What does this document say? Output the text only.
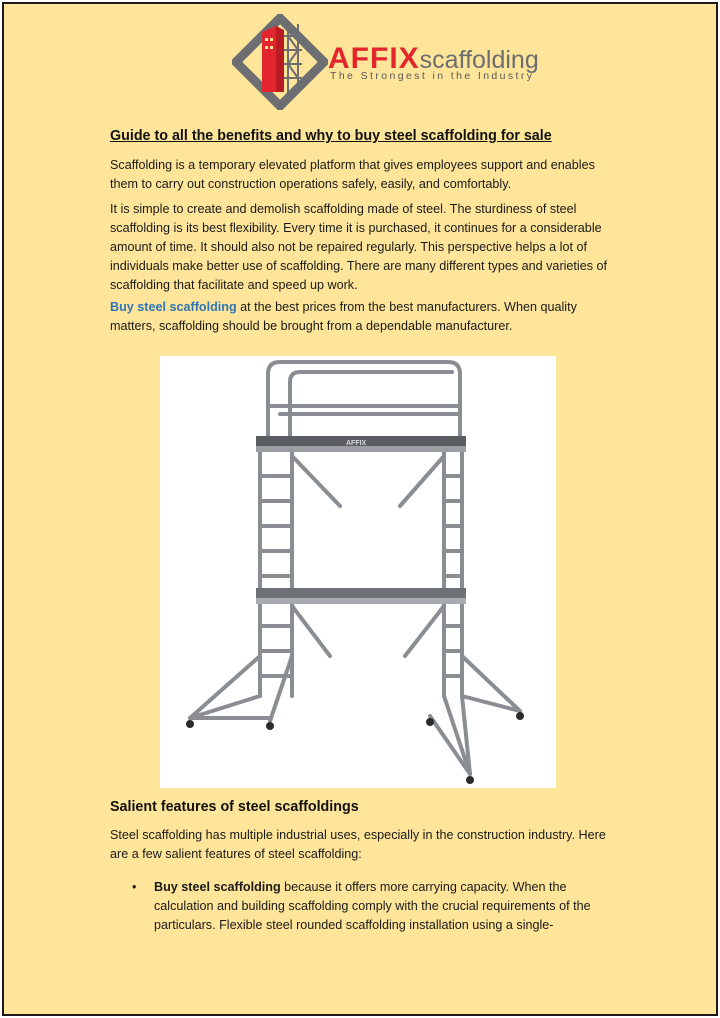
AFFIXscaffolding
The Strongest in the Industry
Guide to all the benefits and why to buy steel scaffolding for sale

Scaffolding is a temporary elevated platform that gives employees support and enables them to carry out construction operations safely, easily, and comfortably.

It is simple to create and demolish scaffolding made of steel. The sturdiness of steel scaffolding is its best flexibility. Every time it is purchased, it continues for a considerable amount of time. It should also not be repaired regularly. This perspective helps a lot of individuals make better use of scaffolding. There are many different types and varieties of scaffolding that facilitate and speed up work.

Buy steel scaffolding at the best prices from the best manufacturers. When quality matters, scaffolding should be brought from a dependable manufacturer.

AFFIX
Salient features of steel scaffoldings

Steel scaffolding has multiple industrial uses, especially in the construction industry. Here are a few salient features of steel scaffolding:

• Buy steel scaffolding because it offers more carrying capacity. When the calculation and building scaffolding comply with the crucial requirements of the particulars. Flexible steel rounded scaffolding installation using a single-
